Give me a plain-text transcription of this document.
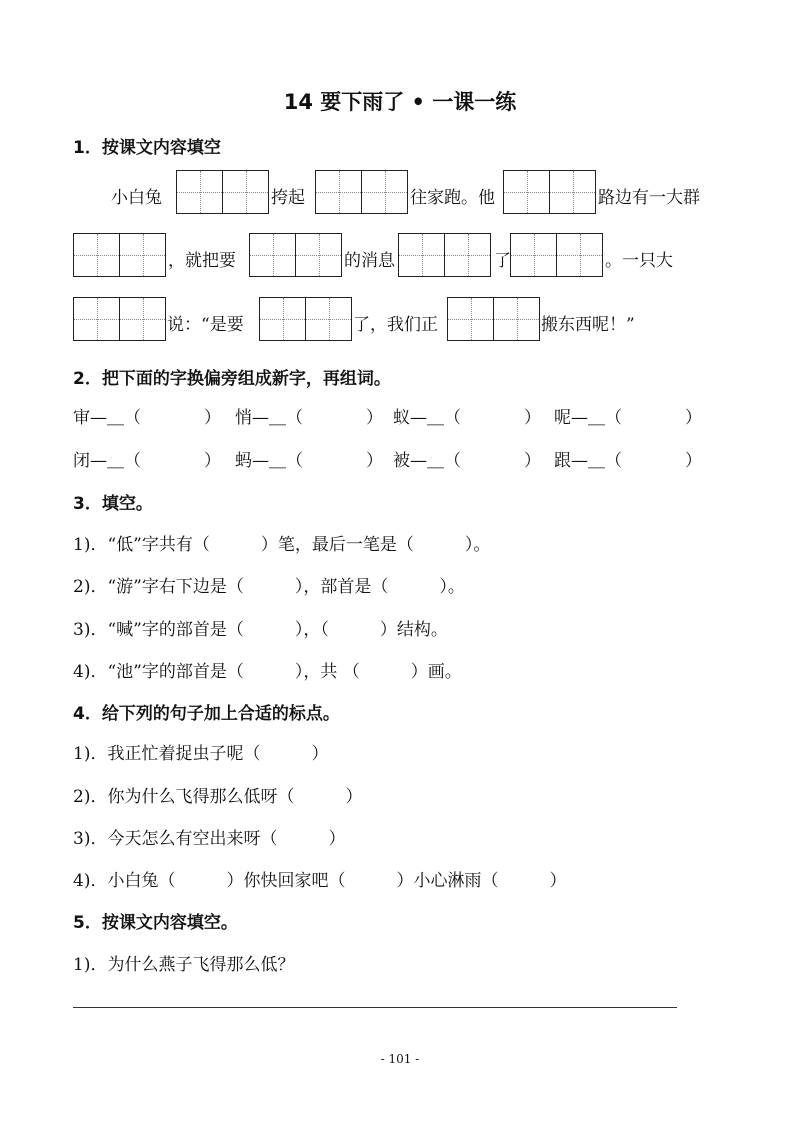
14 要下雨了 • 一课一练
1．按课文内容填空
小白兔	挎起	往家跑。他	路边有一大群
，就把要	的消息	了	。一只大
说：“是要	了，我们正	搬东西呢！”
2．把下面的字换偏旁组成新字，再组词。
审—＿（	） 悄—＿（	） 蚁—＿（	） 呢—＿（	）
闭—＿（	） 蚂—＿（	） 被—＿（	） 跟—＿（	）
3．填空。
1)．“低”字共有（　　　）笔，最后一笔是（　　　）。
2)．“游”字右下边是（　　　），部首是（　　　）。
3)．“喊”字的部首是（　　　），（　　　）结构。
4)．“池”字的部首是（　　　），共 （　　　）画。
4．给下列的句子加上合适的标点。
1)．我正忙着捉虫子呢（　　　）
2)．你为什么飞得那么低呀（　　　）
3)．今天怎么有空出来呀（　　　）
4)．小白兔（　　　）你快回家吧（　　　）小心淋雨（　　　）
5．按课文内容填空。
1)．为什么燕子飞得那么低？
- 101 -
